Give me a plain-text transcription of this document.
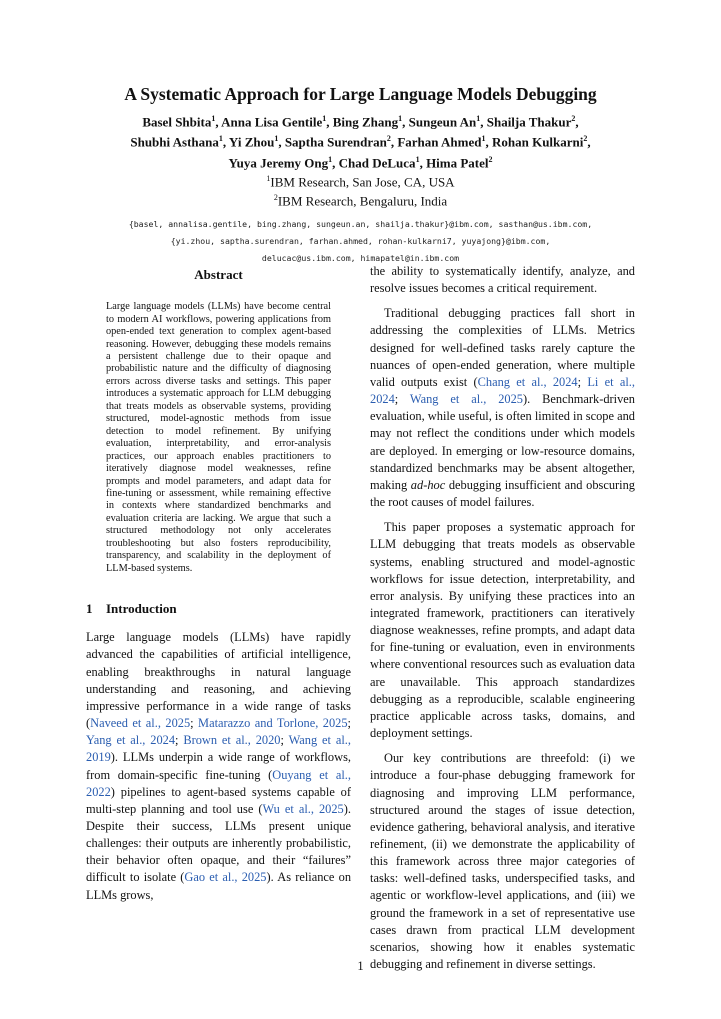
A Systematic Approach for Large Language Models Debugging
Basel Shbita$^1$, Anna Lisa Gentile$^1$, Bing Zhang$^1$, Sungeun An$^1$, Shailja Thakur$^2$,
Shubhi Asthana$^1$, Yi Zhou$^1$, Saptha Surendran$^2$, Farhan Ahmed$^1$, Rohan Kulkarni$^2$,
Yuya Jeremy Ong$^1$, Chad DeLuca$^1$, Hima Patel$^2$
$^1$IBM Research, San Jose, CA, USA
$^2$IBM Research, Bengaluru, India
{basel, annalisa.gentile, bing.zhang, sungeun.an, shailja.thakur}@ibm.com, sasthan@us.ibm.com,
{yi.zhou, saptha.surendran, farhan.ahmed, rohan-kulkarni7, yuyajong}@ibm.com,
delucac@us.ibm.com, himapatel@in.ibm.com
Abstract

Large language models (LLMs) have become central to modern AI workflows, powering applications from open-ended text generation to complex agent-based reasoning. However, debugging these models remains a persistent challenge due to their opaque and probabilistic nature and the difficulty of diagnosing errors across diverse tasks and settings. This paper introduces a systematic approach for LLM debugging that treats models as observable systems, providing structured, model-agnostic methods from issue detection to model refinement. By unifying evaluation, interpretability, and error-analysis practices, our approach enables practitioners to iteratively diagnose model weaknesses, refine prompts and model parameters, and adapt data for fine-tuning or assessment, while remaining effective in contexts where standardized benchmarks and evaluation criteria are lacking. We argue that such a structured methodology not only accelerates troubleshooting but also fosters reproducibility, transparency, and scalability in the deployment of LLM-based systems.

1 Introduction

Large language models (LLMs) have rapidly advanced the capabilities of artificial intelligence, enabling breakthroughs in natural language understanding and reasoning, and achieving impressive performance in a wide range of tasks (Naveed et al., 2025; Matarazzo and Torlone, 2025; Yang et al., 2024; Brown et al., 2020; Wang et al., 2019). LLMs underpin a wide range of workflows, from domain-specific fine-tuning (Ouyang et al., 2022) pipelines to agent-based systems capable of multi-step planning and tool use (Wu et al., 2025). Despite their success, LLMs present unique challenges: their outputs are inherently probabilistic, their behavior often opaque, and their “failures” difficult to isolate (Gao et al., 2025). As reliance on LLMs grows,

the ability to systematically identify, analyze, and resolve issues becomes a critical requirement.

Traditional debugging practices fall short in addressing the complexities of LLMs. Metrics designed for well-defined tasks rarely capture the nuances of open-ended generation, where multiple valid outputs exist (Chang et al., 2024; Li et al., 2024; Wang et al., 2025). Benchmark-driven evaluation, while useful, is often limited in scope and may not reflect the conditions under which models are deployed. In emerging or low-resource domains, standardized benchmarks may be absent altogether, making ad-hoc debugging insufficient and obscuring the root causes of model failures.

This paper proposes a systematic approach for LLM debugging that treats models as observable systems, enabling structured and model-agnostic workflows for issue detection, interpretability, and error analysis. By unifying these practices into an integrated framework, practitioners can iteratively diagnose weaknesses, refine prompts, and adapt data for fine-tuning or evaluation, even in environments where conventional resources such as evaluation data are unavailable. This approach standardizes debugging as a reproducible, scalable engineering practice applicable across tasks, domains, and deployment settings.

Our key contributions are threefold: (i) we introduce a four-phase debugging framework for diagnosing and improving LLM performance, structured around the stages of issue detection, evidence gathering, behavioral analysis, and iterative refinement, (ii) we demonstrate the applicability of this framework across three major categories of tasks: well-defined tasks, underspecified tasks, and agentic or workflow-level applications, and (iii) we ground the framework in a set of representative use cases drawn from practical LLM development scenarios, showing how it enables systematic debugging and refinement in diverse settings.

1
